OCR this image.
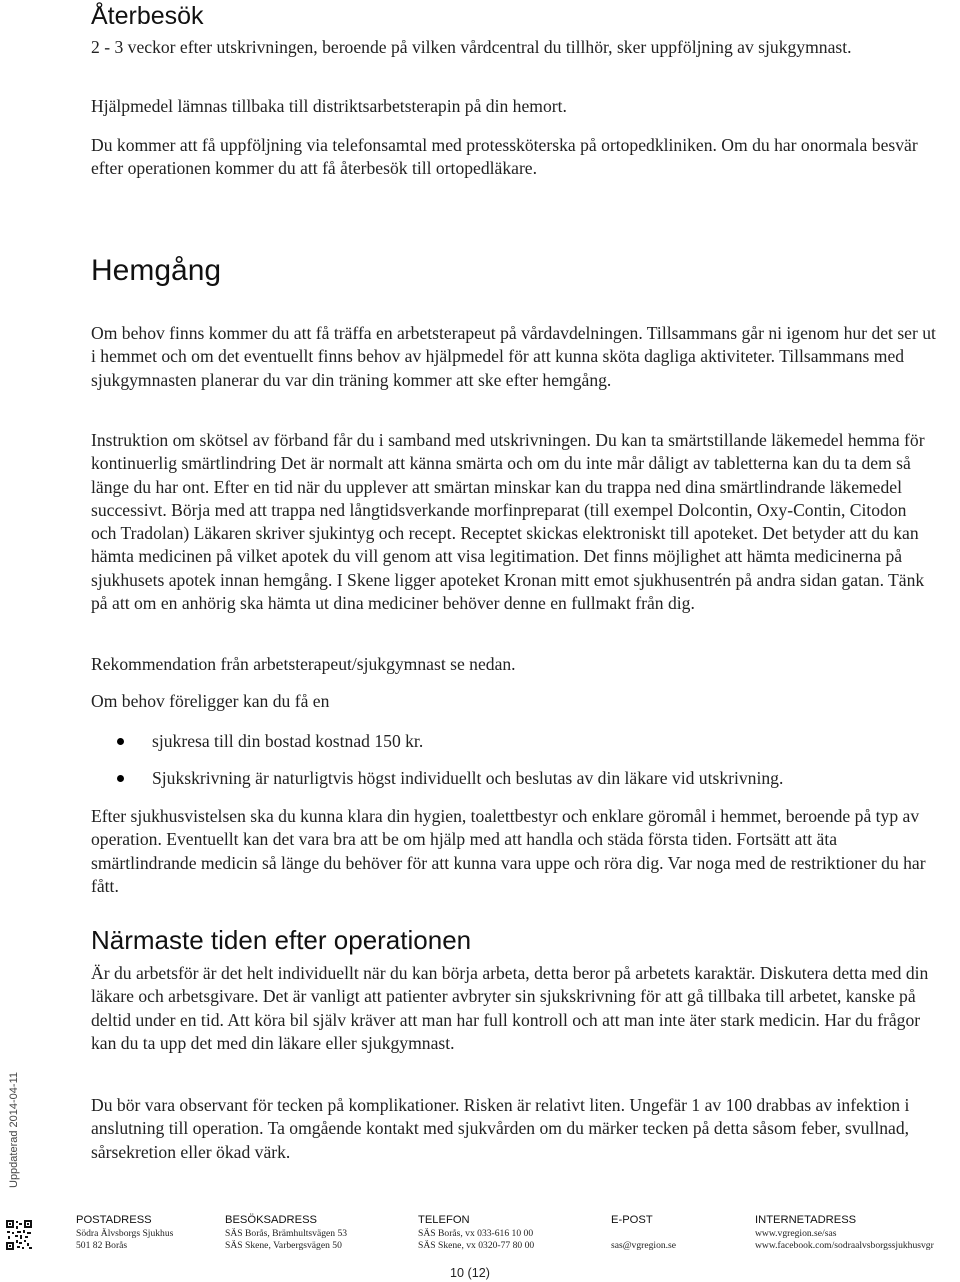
Återbesök

2 - 3 veckor efter utskrivningen, beroende på vilken vårdcentral du tillhör, sker uppföljning av sjukgymnast.

Hjälpmedel lämnas tillbaka till distriktsarbetsterapin på din hemort.

Du kommer att få uppföljning via telefonsamtal med protessköterska på ortopedkliniken. Om du har onormala besvär efter operationen kommer du att få återbesök till ortopedläkare.

Hemgång

Om behov finns kommer du att få träffa en arbetsterapeut på vårdavdelningen. Tillsammans går ni igenom hur det ser ut i hemmet och om det eventuellt finns behov av hjälpmedel för att kunna sköta dagliga aktiviteter. Tillsammans med sjukgymnasten planerar du var din träning kommer att ske efter hemgång.

Instruktion om skötsel av förband får du i samband med utskrivningen. Du kan ta smärtstillande läkemedel hemma för kontinuerlig smärtlindring Det är normalt att känna smärta och om du inte mår dåligt av tabletterna kan du ta dem så länge du har ont. Efter en tid när du upplever att smärtan minskar kan du trappa ned dina smärtlindrande läkemedel successivt. Börja med att trappa ned långtidsverkande morfinpreparat (till exempel Dolcontin, Oxy-Contin, Citodon och Tradolan) Läkaren skriver sjukintyg och recept. Receptet skickas elektroniskt till apoteket. Det betyder att du kan hämta medicinen på vilket apotek du vill genom att visa legitimation. Det finns möjlighet att hämta medicinerna på sjukhusets apotek innan hemgång. I Skene ligger apoteket Kronan mitt emot sjukhusentrén på andra sidan gatan. Tänk på att om en anhörig ska hämta ut dina mediciner behöver denne en fullmakt från dig.

Rekommendation från arbetsterapeut/sjukgymnast se nedan.

Om behov föreligger kan du få en

sjukresa till din bostad kostnad 150 kr.

Sjukskrivning är naturligtvis högst individuellt och beslutas av din läkare vid utskrivning.

Efter sjukhusvistelsen ska du kunna klara din hygien, toalettbestyr och enklare göromål i hemmet, beroende på typ av operation. Eventuellt kan det vara bra att be om hjälp med att handla och städa första tiden. Fortsätt att äta smärtlindrande medicin så länge du behöver för att kunna vara uppe och röra dig. Var noga med de restriktioner du har fått.

Närmaste tiden efter operationen

Är du arbetsför är det helt individuellt när du kan börja arbeta, detta beror på arbetets karaktär. Diskutera detta med din läkare och arbetsgivare. Det är vanligt att patienter avbryter sin sjukskrivning för att gå tillbaka till arbetet, kanske på deltid under en tid. Att köra bil själv kräver att man har full kontroll och att man inte äter stark medicin. Har du frågor kan du ta upp det med din läkare eller sjukgymnast.

Du bör vara observant för tecken på komplikationer. Risken är relativt liten. Ungefär 1 av 100 drabbas av infektion i anslutning till operation. Ta omgående kontakt med sjukvården om du märker tecken på detta såsom feber, svullnad, sårsekretion eller ökad värk.

Uppdaterad 2014-04-11
POSTADRESS
Södra Älvsborgs Sjukhus
501 82 Borås
BESÖKSADRESS
SÄS Borås, Brämhultsvägen 53
SÄS Skene, Varbergsvägen 50
TELEFON
SÄS Borås, vx 033-616 10 00
SÄS Skene, vx 0320-77 80 00
E-POST
sas@vgregion.se
INTERNETADRESS
www.vgregion.se/sas
www.facebook.com/sodraalvsborgssjukhusvgr
10 (12)
